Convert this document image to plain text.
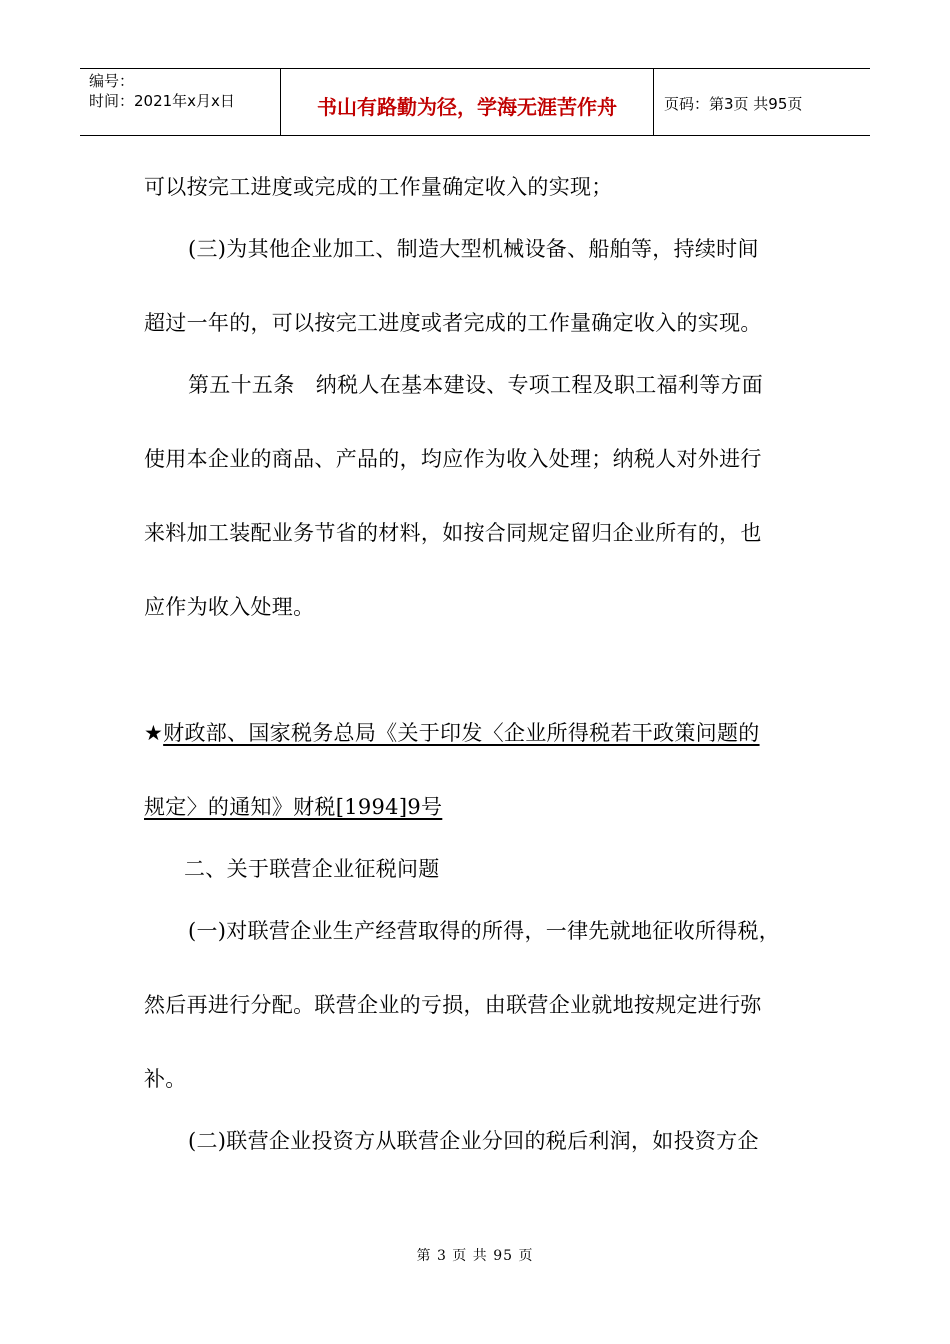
编号：
时间：2021年x月x日	书山有路勤为径，学海无涯苦作舟	页码：第3页 共95页
可以按完工进度或完成的工作量确定收入的实现；
(三)为其他企业加工、制造大型机械设备、船舶等，持续时间
超过一年的，可以按完工进度或者完成的工作量确定收入的实现。
第五十五条　纳税人在基本建设、专项工程及职工福利等方面
使用本企业的商品、产品的，均应作为收入处理；纳税人对外进行
来料加工装配业务节省的材料，如按合同规定留归企业所有的，也
应作为收入处理。
★财政部、国家税务总局《关于印发〈企业所得税若干政策问题的
规定〉的通知》财税[1994]9号
二、关于联营企业征税问题
(一)对联营企业生产经营取得的所得，一律先就地征收所得税，
然后再进行分配。联营企业的亏损，由联营企业就地按规定进行弥
补。
(二)联营企业投资方从联营企业分回的税后利润，如投资方企
第 3 页 共 95 页
